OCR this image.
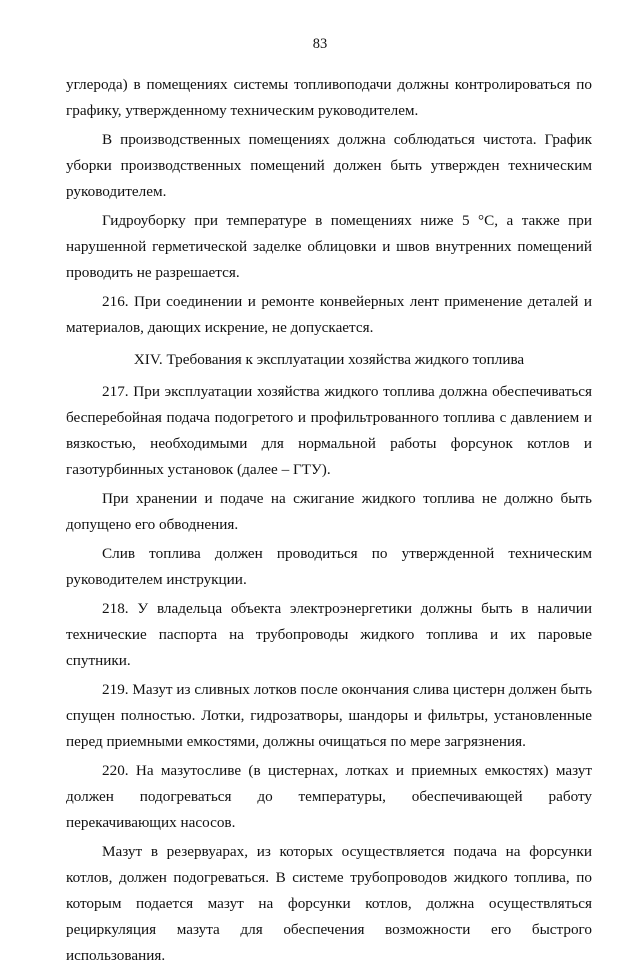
83

углерода) в помещениях системы топливоподачи должны контролироваться по графику, утвержденному техническим руководителем.

В производственных помещениях должна соблюдаться чистота. График уборки производственных помещений должен быть утвержден техническим руководителем.

Гидроуборку при температуре в помещениях ниже 5 °С, а также при нарушенной герметической заделке облицовки и швов внутренних помещений проводить не разрешается.

216. При соединении и ремонте конвейерных лент применение деталей и материалов, дающих искрение, не допускается.

XIV. Требования к эксплуатации хозяйства жидкого топлива

217. При эксплуатации хозяйства жидкого топлива должна обеспечиваться бесперебойная подача подогретого и профильтрованного топлива с давлением и вязкостью, необходимыми для нормальной работы форсунок котлов и газотурбинных установок (далее – ГТУ).

При хранении и подаче на сжигание жидкого топлива не должно быть допущено его обводнения.

Слив топлива должен проводиться по утвержденной техническим руководителем инструкции.

218. У владельца объекта электроэнергетики должны быть в наличии технические паспорта на трубопроводы жидкого топлива и их паровые спутники.

219. Мазут из сливных лотков после окончания слива цистерн должен быть спущен полностью. Лотки, гидрозатворы, шандоры и фильтры, установленные перед приемными емкостями, должны очищаться по мере загрязнения.

220. На мазутосливе (в цистернах, лотках и приемных емкостях) мазут должен подогреваться до температуры, обеспечивающей работу перекачивающих насосов.

Мазут в резервуарах, из которых осуществляется подача на форсунки котлов, должен подогреваться. В системе трубопроводов жидкого топлива, по которым подается мазут на форсунки котлов, должна осуществляться рециркуляция мазута для обеспечения возможности его быстрого использования.
